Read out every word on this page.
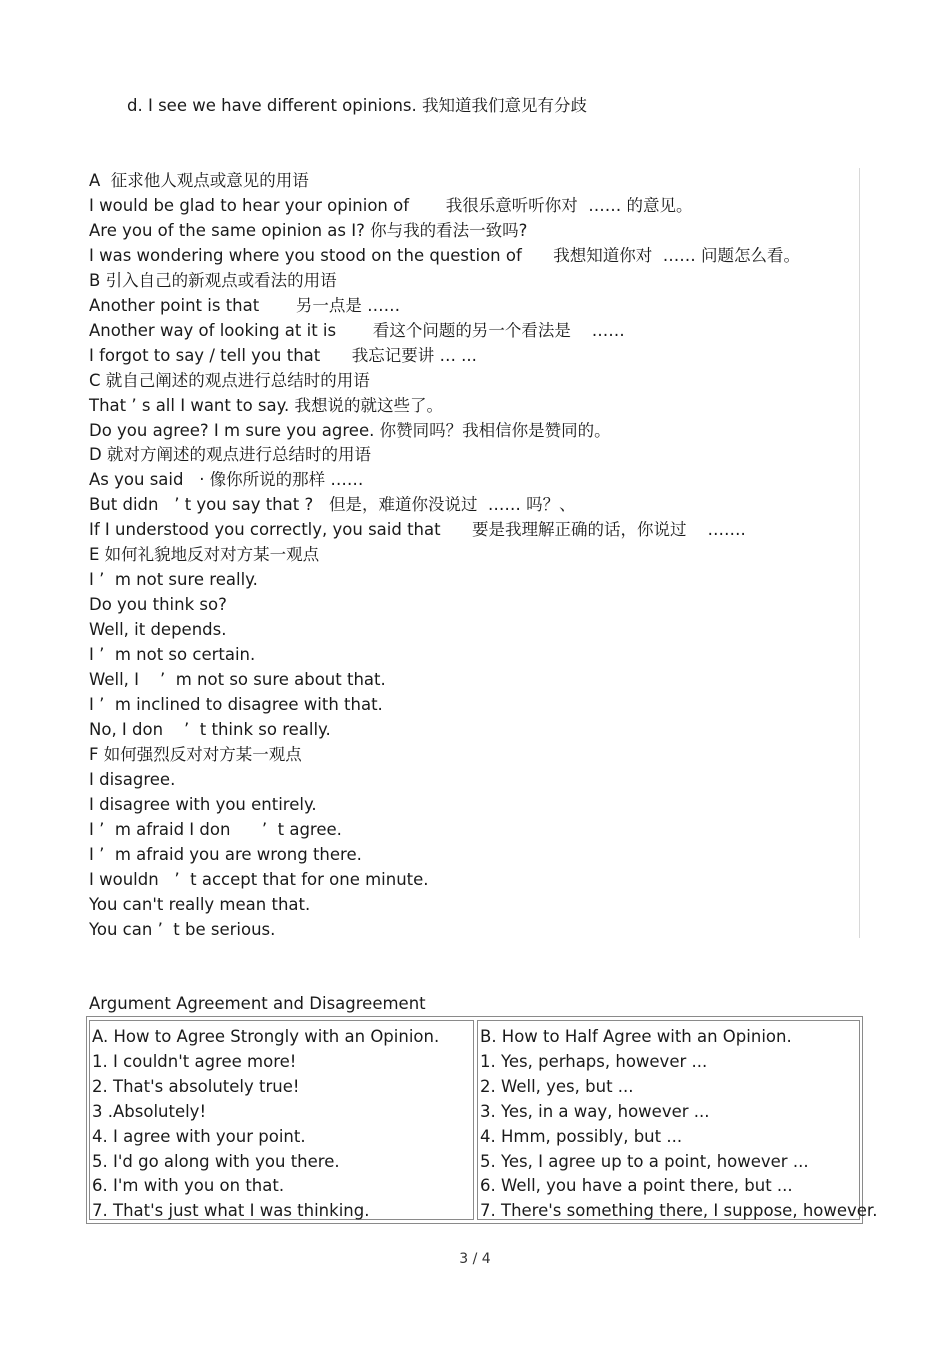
d. I see we have different opinions. 我知道我们意见有分歧
A  征求他人观点或意见的用语
I would be glad to hear your opinion of       我很乐意听听你对  …… 的意见。
Are you of the same opinion as I? 你与我的看法一致吗?
I was wondering where you stood on the question of      我想知道你对  …… 问题怎么看。
B 引入自己的新观点或看法的用语
Another point is that       另一点是 ……
Another way of looking at it is       看这个问题的另一个看法是    ……
I forgot to say / tell you that      我忘记要讲 … ...
C 就自己阐述的观点进行总结时的用语
That ’ s all I want to say. 我想说的就这些了。
Do you agree? I m sure you agree. 你赞同吗？我相信你是赞同的。
D 就对方阐述的观点进行总结时的用语
As you said   · 像你所说的那样 ……
But didn   ’ t you say that ?   但是，难道你没说过  …… 吗？、
If I understood you correctly, you said that      要是我理解正确的话，你说过    …….
E 如何礼貌地反对对方某一观点
I ’  m not sure really.
Do you think so?
Well, it depends.
I ’  m not so certain.
Well, I    ’  m not so sure about that.
I ’  m inclined to disagree with that.
No, I don    ’  t think so really.
F 如何强烈反对对方某一观点
I disagree.
I disagree with you entirely.
I ’  m afraid I don      ’  t agree.
I ’  m afraid you are wrong there.
I wouldn   ’  t accept that for one minute.
You can't really mean that.
You can ’  t be serious.
Argument Agreement and Disagreement
A. How to Agree Strongly with an Opinion.
1. I couldn't agree more!
2. That's absolutely true!
3 .Absolutely!
4. I agree with your point.
5. I'd go along with you there.
6. I'm with you on that.
7. That's just what I was thinking.
B. How to Half Agree with an Opinion.
1. Yes, perhaps, however ...
2. Well, yes, but ...
3. Yes, in a way, however ...
4. Hmm, possibly, but ...
5. Yes, I agree up to a point, however ...
6. Well, you have a point there, but ...
7. There's something there, I suppose, however.
3 / 4
